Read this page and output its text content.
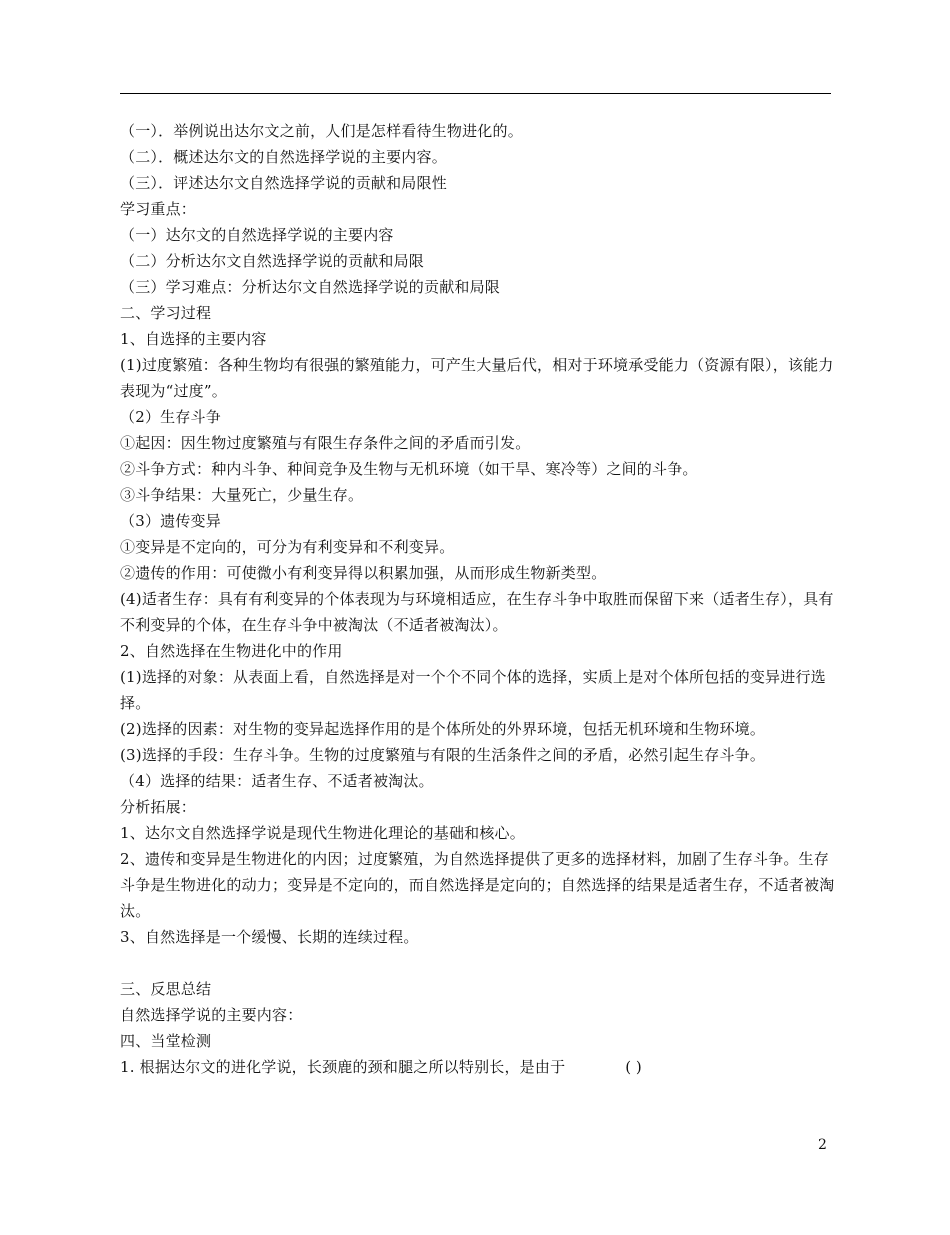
（一）．举例说出达尔文之前，人们是怎样看待生物进化的。
（二）．概述达尔文的自然选择学说的主要内容。
（三）．评述达尔文自然选择学说的贡献和局限性
学习重点：
（一）达尔文的自然选择学说的主要内容
（二）分析达尔文自然选择学说的贡献和局限
（三）学习难点：分析达尔文自然选择学说的贡献和局限
二、学习过程
1、自选择的主要内容
(1)过度繁殖：各种生物均有很强的繁殖能力，可产生大量后代，相对于环境承受能力（资源有限），该能力表现为“过度”。
（2）生存斗争
①起因：因生物过度繁殖与有限生存条件之间的矛盾而引发。
②斗争方式：种内斗争、种间竞争及生物与无机环境（如干旱、寒冷等）之间的斗争。
③斗争结果：大量死亡，少量生存。
（3）遗传变异
①变异是不定向的，可分为有利变异和不利变异。
②遗传的作用：可使微小有利变异得以积累加强，从而形成生物新类型。
(4)适者生存：具有有利变异的个体表现为与环境相适应，在生存斗争中取胜而保留下来（适者生存），具有不利变异的个体，在生存斗争中被淘汰（不适者被淘汰）。
2、自然选择在生物进化中的作用
(1)选择的对象：从表面上看，自然选择是对一个个不同个体的选择，实质上是对个体所包括的变异进行选择。
(2)选择的因素：对生物的变异起选择作用的是个体所处的外界环境，包括无机环境和生物环境。
(3)选择的手段：生存斗争。生物的过度繁殖与有限的生活条件之间的矛盾，必然引起生存斗争。
（4）选择的结果：适者生存、不适者被淘汰。
分析拓展：
1、达尔文自然选择学说是现代生物进化理论的基础和核心。
2、遗传和变异是生物进化的内因；过度繁殖，为自然选择提供了更多的选择材料，加剧了生存斗争。生存斗争是生物进化的动力；变异是不定向的，而自然选择是定向的；自然选择的结果是适者生存，不适者被淘汰。
3、自然选择是一个缓慢、长期的连续过程。
三、反思总结
自然选择学说的主要内容：
四、当堂检测
1. 根据达尔文的进化学说，长颈鹿的颈和腿之所以特别长，是由于	( )
2
